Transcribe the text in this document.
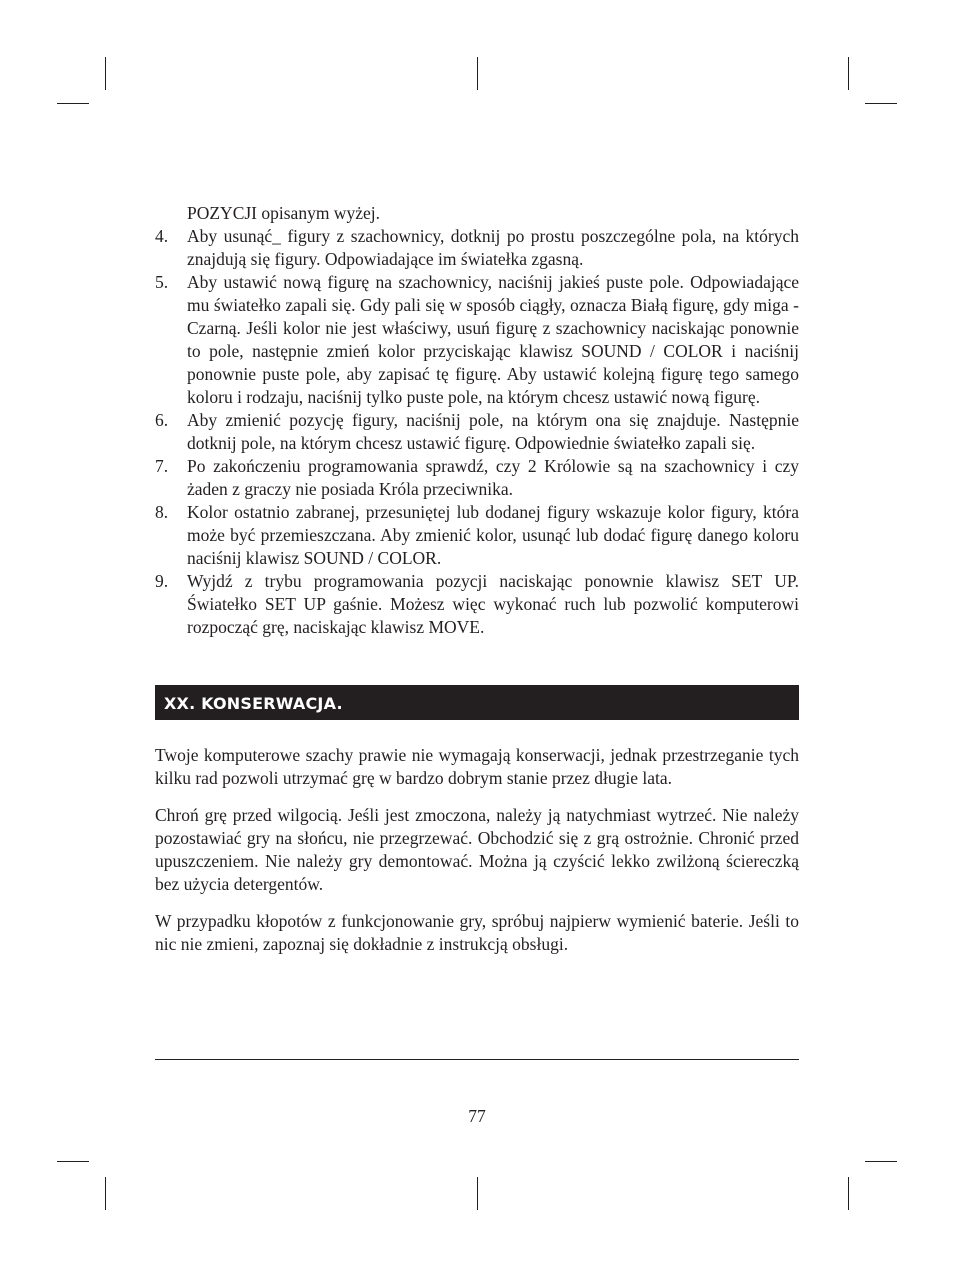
POZYCJI opisanym wyżej.

4.	Aby usunąć_ figury z szachownicy, dotknij po prostu poszczególne pola, na których znajdują się figury. Odpowiadające im światełka zgasną.
5.	Aby ustawić nową figurę na szachownicy, naciśnij jakieś puste pole. Odpowiadające mu światełko zapali się. Gdy pali się w sposób ciągły, oznacza Białą figurę, gdy miga - Czarną. Jeśli kolor nie jest właściwy, usuń figurę z szachownicy naciskając ponownie to pole, następnie zmień kolor przyciskając klawisz SOUND / COLOR i naciśnij ponownie puste pole, aby zapisać tę figurę. Aby ustawić kolejną figurę tego samego koloru i rodzaju, naciśnij tylko puste pole, na którym chcesz ustawić nową figurę.
6.	Aby zmienić pozycję figury, naciśnij pole, na którym ona się znajduje. Następnie dotknij pole, na którym chcesz ustawić figurę. Odpowiednie światełko zapali się.
7.	Po zakończeniu programowania sprawdź, czy 2 Królowie są na szachownicy i czy żaden z graczy nie posiada Króla przeciwnika.
8.	Kolor ostatnio zabranej, przesuniętej lub dodanej figury wskazuje kolor figury, która może być przemieszczana. Aby zmienić kolor, usunąć lub dodać figurę danego koloru naciśnij klawisz SOUND / COLOR.
9.	Wyjdź z trybu programowania pozycji naciskając ponownie klawisz SET UP. Światełko SET UP gaśnie. Możesz więc wykonać ruch lub pozwolić komputerowi rozpocząć grę, naciskając klawisz MOVE.
XX. KONSERWACJA.

Twoje komputerowe szachy prawie nie wymagają konserwacji, jednak przestrzeganie tych kilku rad pozwoli utrzymać grę w bardzo dobrym stanie przez długie lata.

Chroń grę przed wilgocią. Jeśli jest zmoczona, należy ją natychmiast wytrzeć. Nie należy pozostawiać gry na słońcu, nie przegrzewać. Obchodzić się z grą ostrożnie. Chronić przed upuszczeniem. Nie należy gry demontować. Można ją czyścić lekko zwilżoną ściereczką bez użycia detergentów.

W przypadku kłopotów z funkcjonowanie gry, spróbuj najpierw wymienić baterie. Jeśli to nic nie zmieni, zapoznaj się dokładnie z instrukcją obsługi.

77
